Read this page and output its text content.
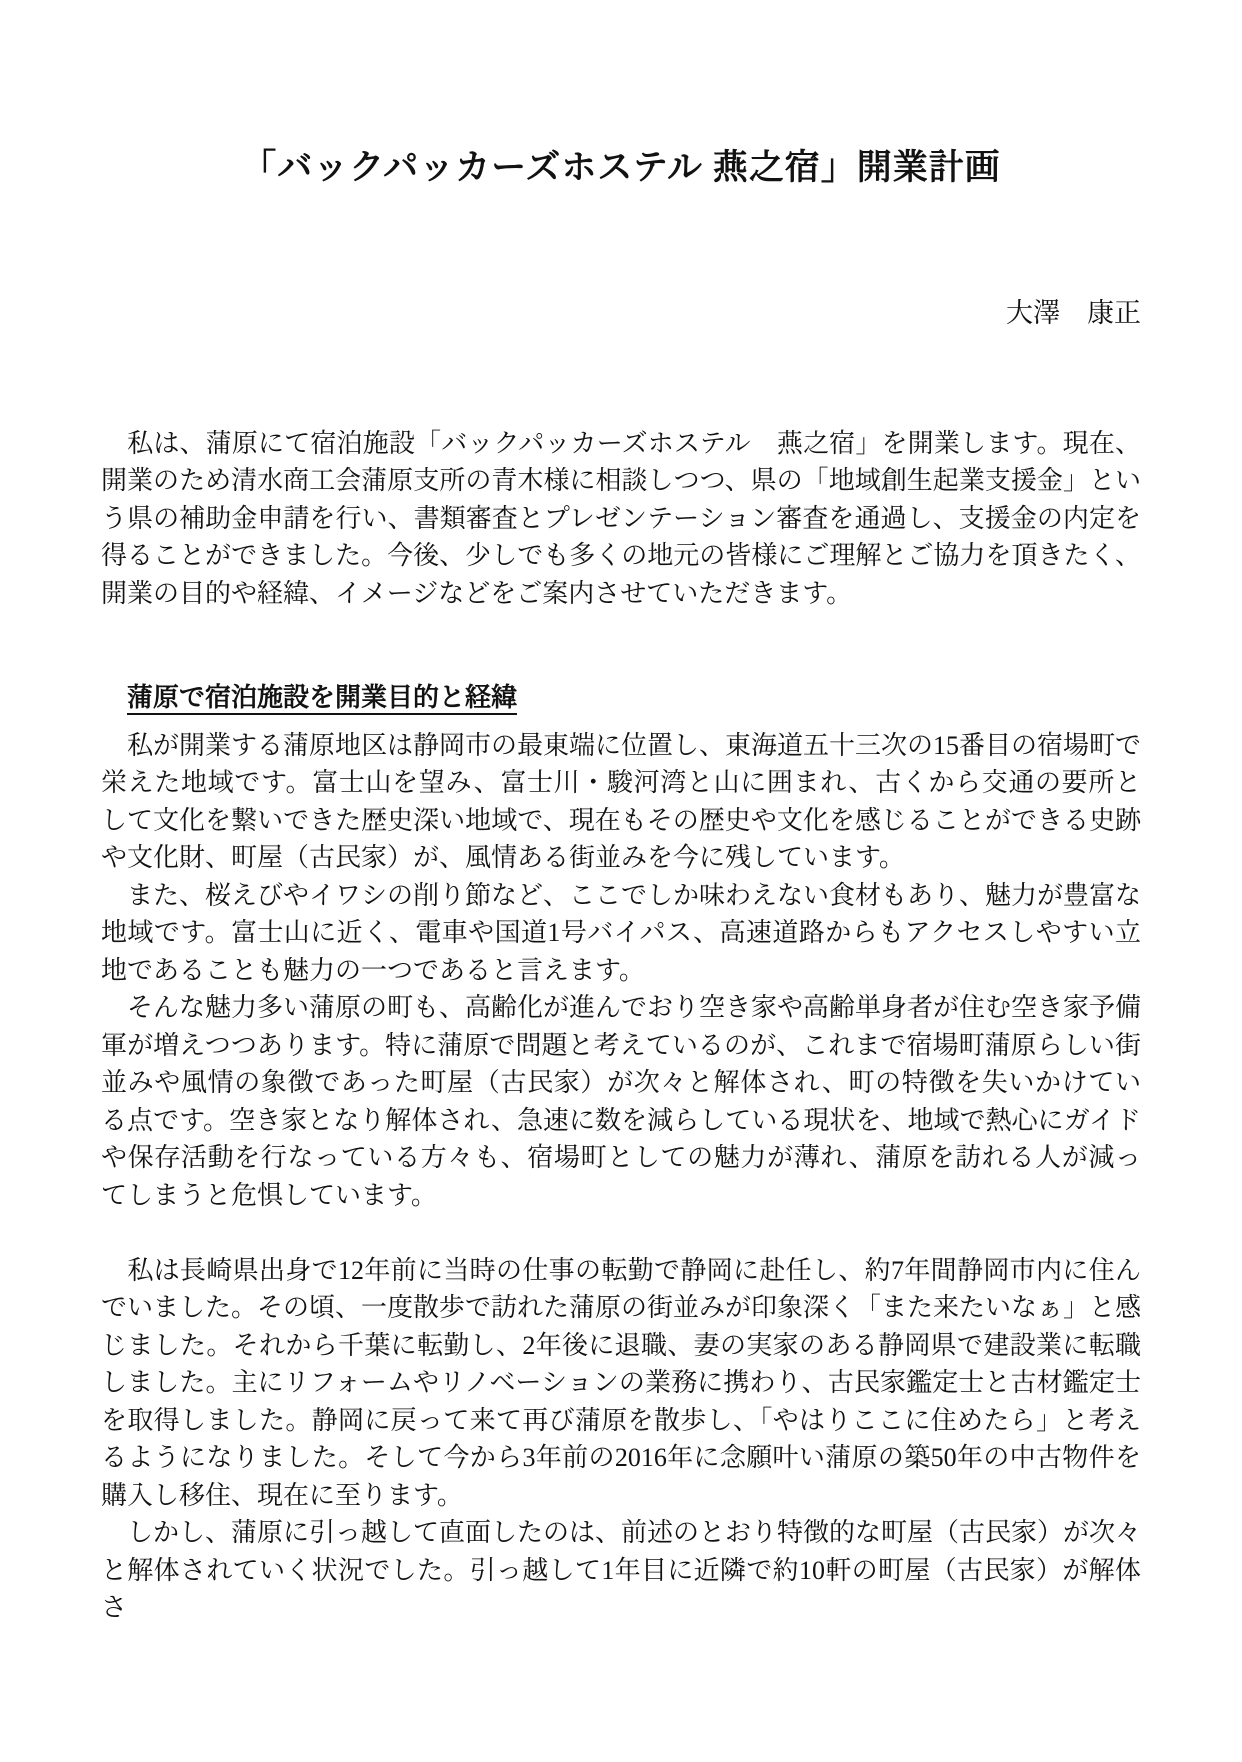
「バックパッカーズホステル 燕之宿」開業計画
大澤　康正

　私は、蒲原にて宿泊施設「バックパッカーズホステル　燕之宿」を開業します。現在、開業のため清水商工会蒲原支所の青木様に相談しつつ、県の「地域創生起業支援金」という県の補助金申請を行い、書類審査とプレゼンテーション審査を通過し、支援金の内定を得ることができました。今後、少しでも多くの地元の皆様にご理解とご協力を頂きたく、開業の目的や経緯、イメージなどをご案内させていただきます。

蒲原で宿泊施設を開業目的と経緯

　私が開業する蒲原地区は静岡市の最東端に位置し、東海道五十三次の15番目の宿場町で栄えた地域です。富士山を望み、富士川・駿河湾と山に囲まれ、古くから交通の要所として文化を繋いできた歴史深い地域で、現在もその歴史や文化を感じることができる史跡や文化財、町屋（古民家）が、風情ある街並みを今に残しています。

　また、桜えびやイワシの削り節など、ここでしか味わえない食材もあり、魅力が豊富な地域です。富士山に近く、電車や国道1号バイパス、高速道路からもアクセスしやすい立地であることも魅力の一つであると言えます。

　そんな魅力多い蒲原の町も、高齢化が進んでおり空き家や高齢単身者が住む空き家予備軍が増えつつあります。特に蒲原で問題と考えているのが、これまで宿場町蒲原らしい街並みや風情の象徴であった町屋（古民家）が次々と解体され、町の特徴を失いかけている点です。空き家となり解体され、急速に数を減らしている現状を、地域で熱心にガイドや保存活動を行なっている方々も、宿場町としての魅力が薄れ、蒲原を訪れる人が減ってしまうと危惧しています。

　私は長崎県出身で12年前に当時の仕事の転勤で静岡に赴任し、約7年間静岡市内に住んでいました。その頃、一度散歩で訪れた蒲原の街並みが印象深く「また来たいなぁ」と感じました。それから千葉に転勤し、2年後に退職、妻の実家のある静岡県で建設業に転職しました。主にリフォームやリノベーションの業務に携わり、古民家鑑定士と古材鑑定士を取得しました。静岡に戻って来て再び蒲原を散歩し、「やはりここに住めたら」と考えるようになりました。そして今から3年前の2016年に念願叶い蒲原の築50年の中古物件を購入し移住、現在に至ります。

　しかし、蒲原に引っ越して直面したのは、前述のとおり特徴的な町屋（古民家）が次々と解体されていく状況でした。引っ越して1年目に近隣で約10軒の町屋（古民家）が解体さ
